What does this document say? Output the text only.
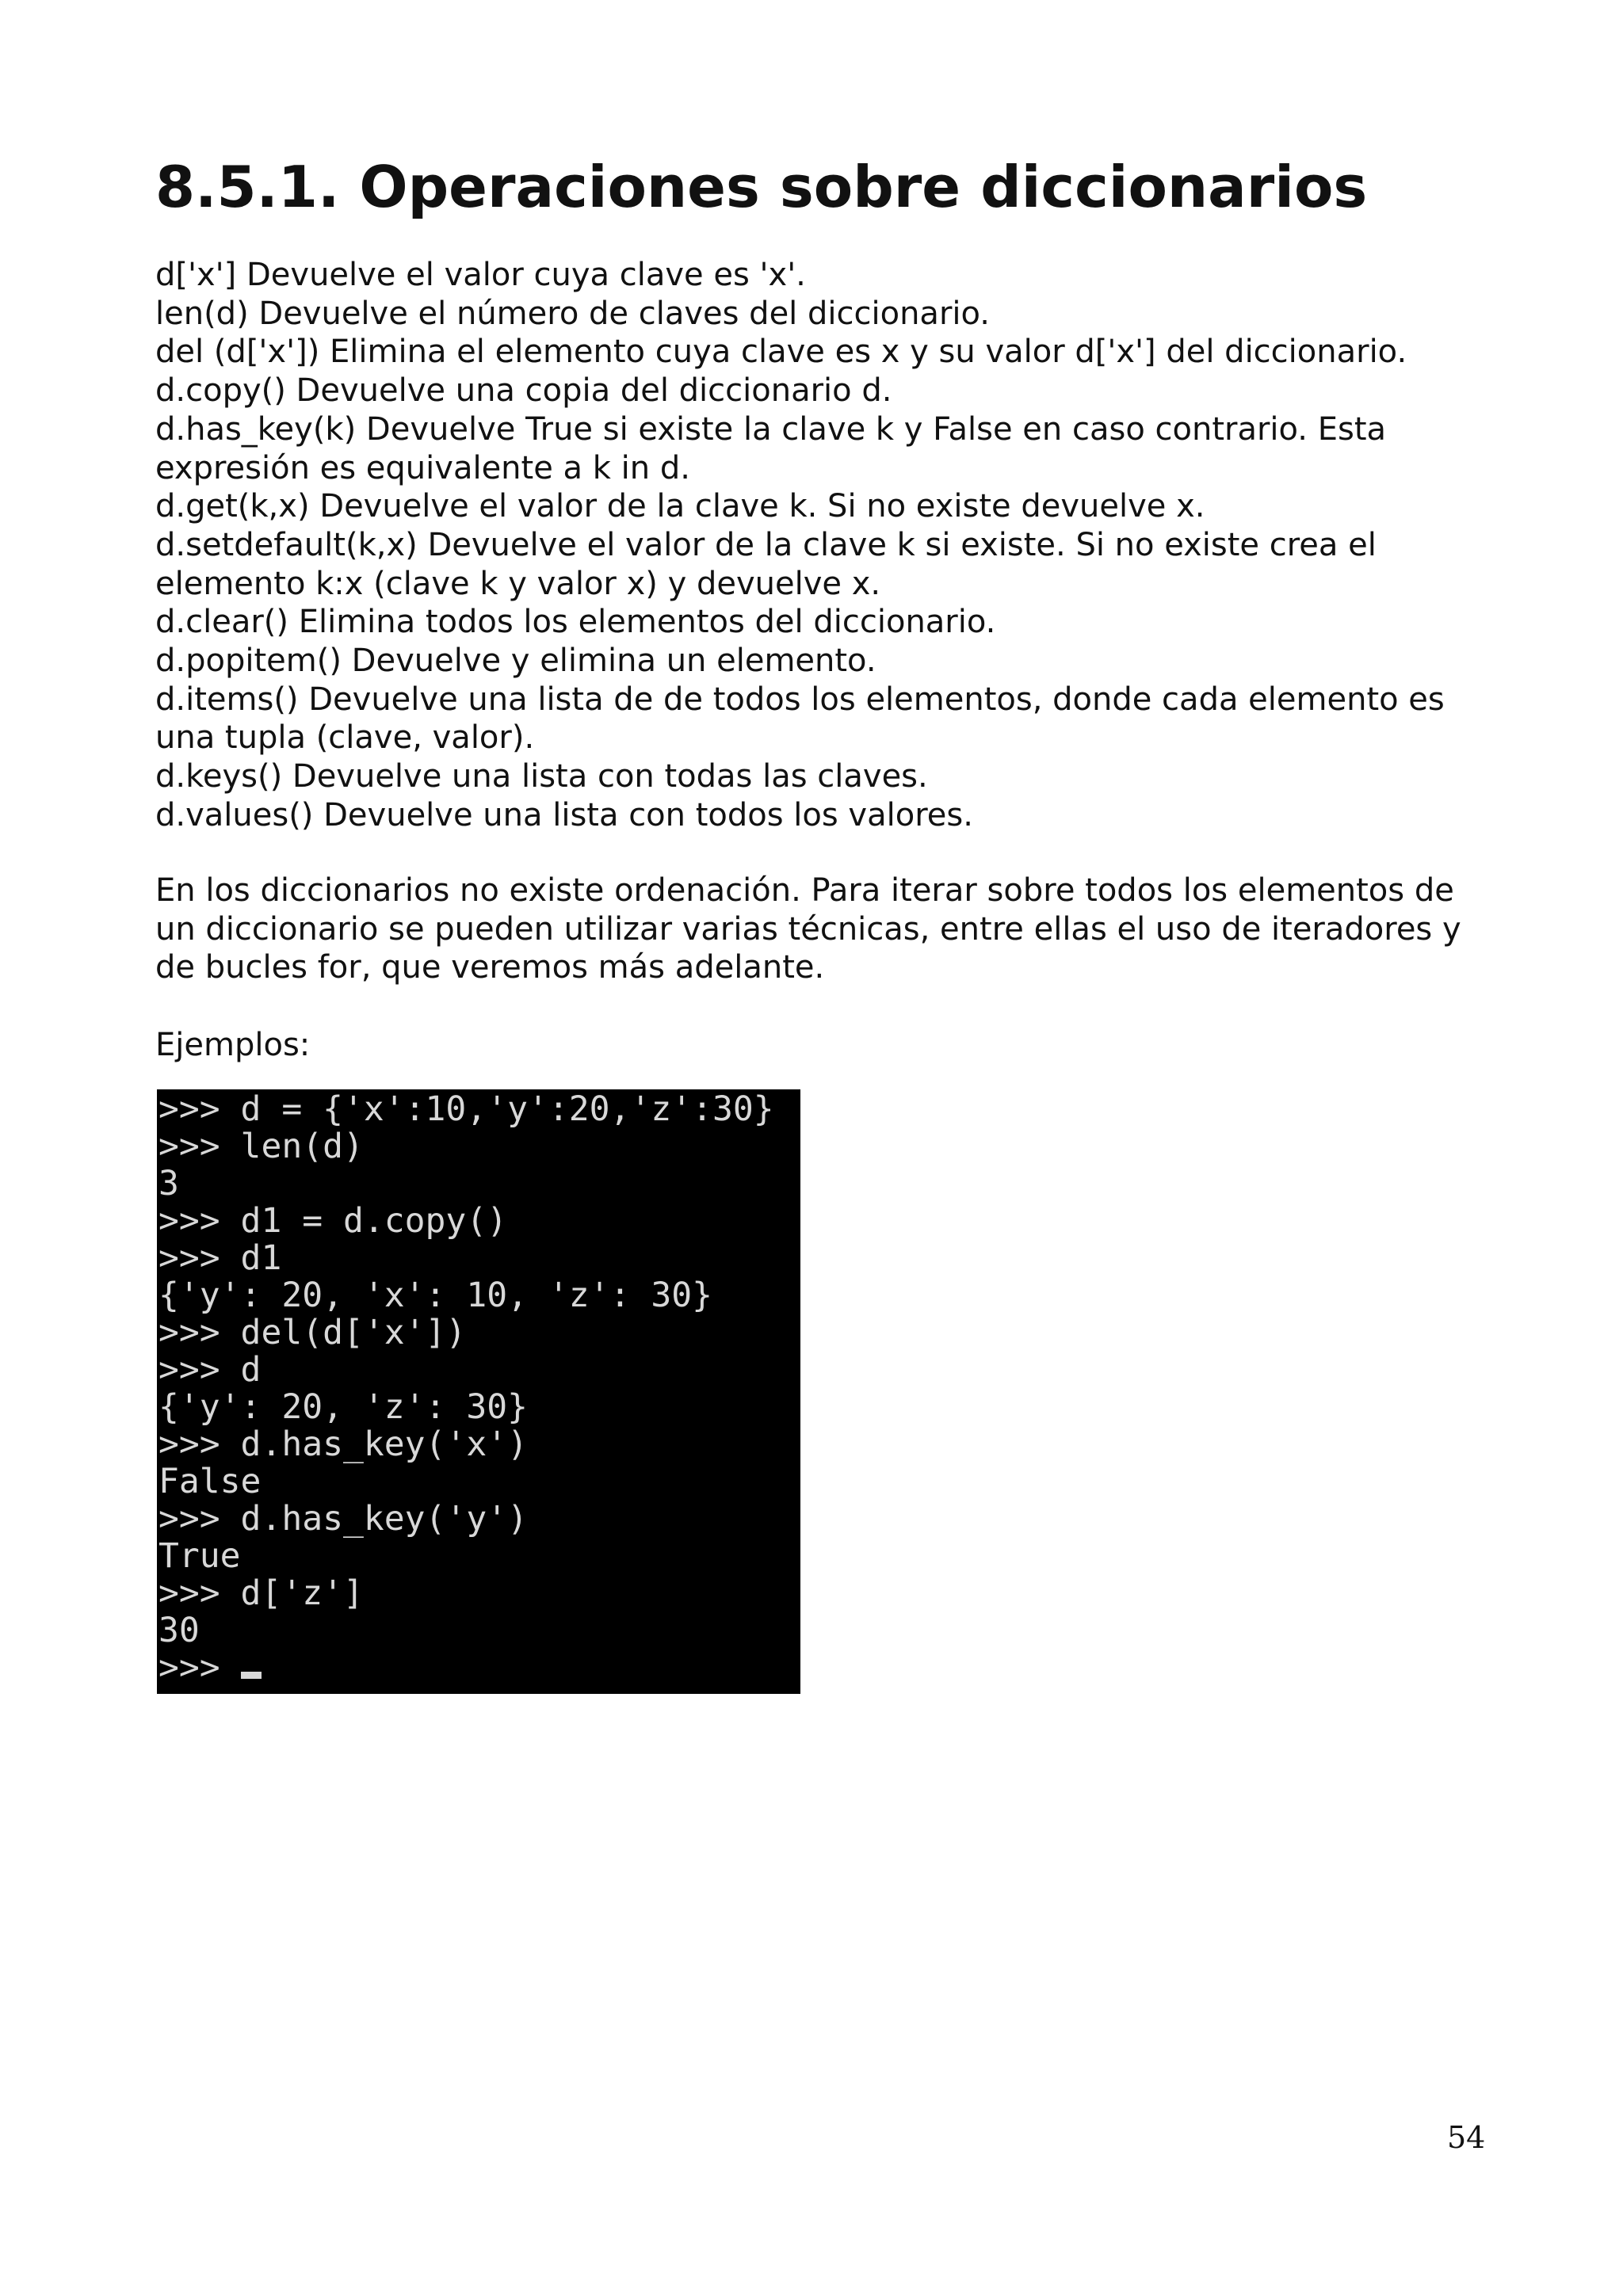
8.5.1. Operaciones sobre diccionarios
d['x'] Devuelve el valor cuya clave es 'x'.
len(d) Devuelve el número de claves del diccionario.
del (d['x']) Elimina el elemento cuya clave es x y su valor d['x'] del diccionario.
d.copy() Devuelve una copia del diccionario d.
d.has_key(k) Devuelve True si existe la clave k y False en caso contrario. Esta expresión es equivalente a k in d.
d.get(k,x) Devuelve el valor de la clave k. Si no existe devuelve x.
d.setdefault(k,x) Devuelve el valor de la clave k si existe. Si no existe crea el elemento k:x (clave k y valor x) y devuelve x.
d.clear() Elimina todos los elementos del diccionario.
d.popitem() Devuelve y elimina un elemento.
d.items() Devuelve una lista de de todos los elementos, donde cada elemento es una tupla (clave, valor).
d.keys() Devuelve una lista con todas las claves.
d.values() Devuelve una lista con todos los valores.

En los diccionarios no existe ordenación. Para iterar sobre todos los elementos de un diccionario se pueden utilizar varias técnicas, entre ellas el uso de iteradores y de bucles for, que veremos más adelante.

Ejemplos:

>>> d = {'x':10,'y':20,'z':30}
>>> len(d)
3
>>> d1 = d.copy()
>>> d1
{'y': 20, 'x': 10, 'z': 30}
>>> del(d['x'])
>>> d
{'y': 20, 'z': 30}
>>> d.has_key('x')
False
>>> d.has_key('y')
True
>>> d['z']
30
>>>
54
